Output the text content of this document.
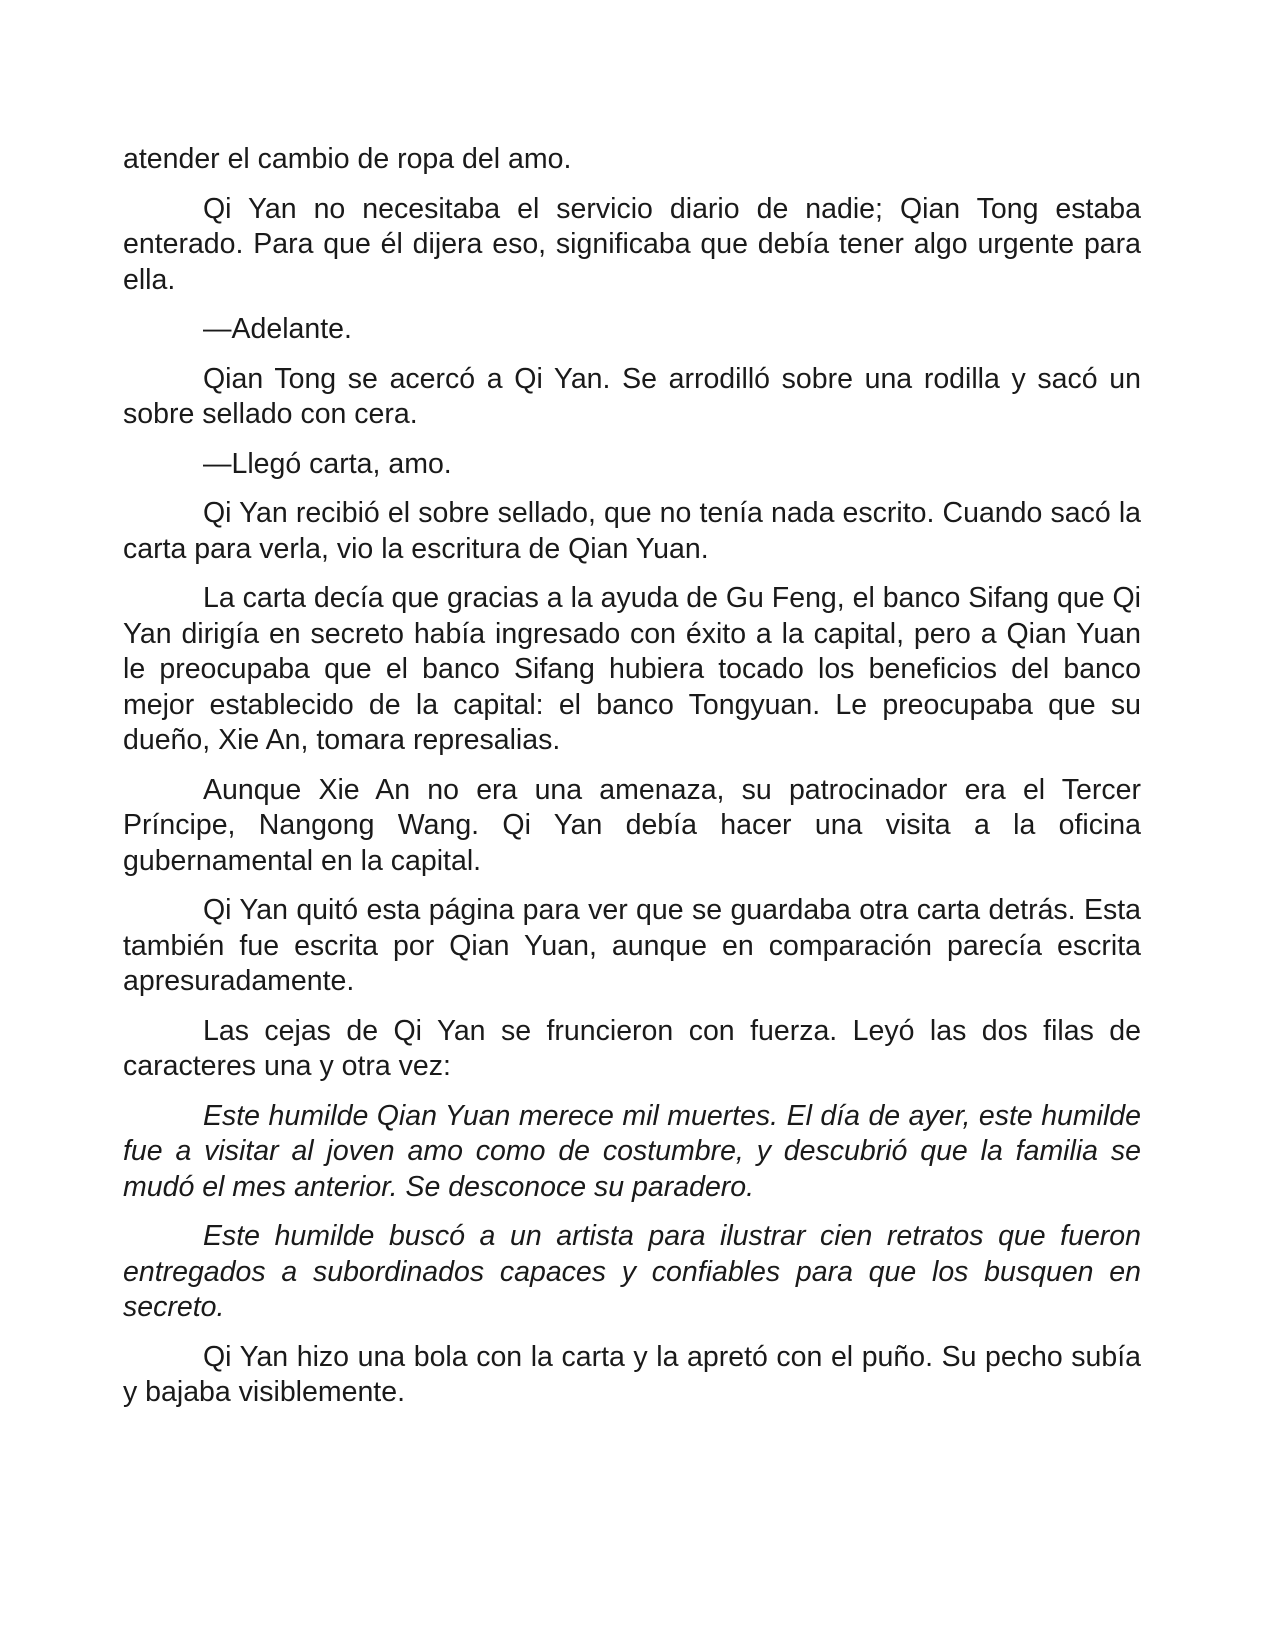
atender el cambio de ropa del amo.

Qi Yan no necesitaba el servicio diario de nadie; Qian Tong estaba enterado. Para que él dijera eso, significaba que debía tener algo urgente para ella.

—Adelante.

Qian Tong se acercó a Qi Yan. Se arrodilló sobre una rodilla y sacó un sobre sellado con cera.

—Llegó carta, amo.

Qi Yan recibió el sobre sellado, que no tenía nada escrito. Cuando sacó la carta para verla, vio la escritura de Qian Yuan.

La carta decía que gracias a la ayuda de Gu Feng, el banco Sifang que Qi Yan dirigía en secreto había ingresado con éxito a la capital, pero a Qian Yuan le preocupaba que el banco Sifang hubiera tocado los beneficios del banco mejor establecido de la capital: el banco Tongyuan. Le preocupaba que su dueño, Xie An, tomara represalias.

Aunque Xie An no era una amenaza, su patrocinador era el Tercer Príncipe, Nangong Wang. Qi Yan debía hacer una visita a la oficina gubernamental en la capital.

Qi Yan quitó esta página para ver que se guardaba otra carta detrás. Esta también fue escrita por Qian Yuan, aunque en comparación parecía escrita apresuradamente.

Las cejas de Qi Yan se fruncieron con fuerza. Leyó las dos filas de caracteres una y otra vez:

Este humilde Qian Yuan merece mil muertes. El día de ayer, este humilde fue a visitar al joven amo como de costumbre, y descubrió que la familia se mudó el mes anterior. Se desconoce su paradero.

Este humilde buscó a un artista para ilustrar cien retratos que fueron entregados a subordinados capaces y confiables para que los busquen en secreto.

Qi Yan hizo una bola con la carta y la apretó con el puño. Su pecho subía y bajaba visiblemente.
